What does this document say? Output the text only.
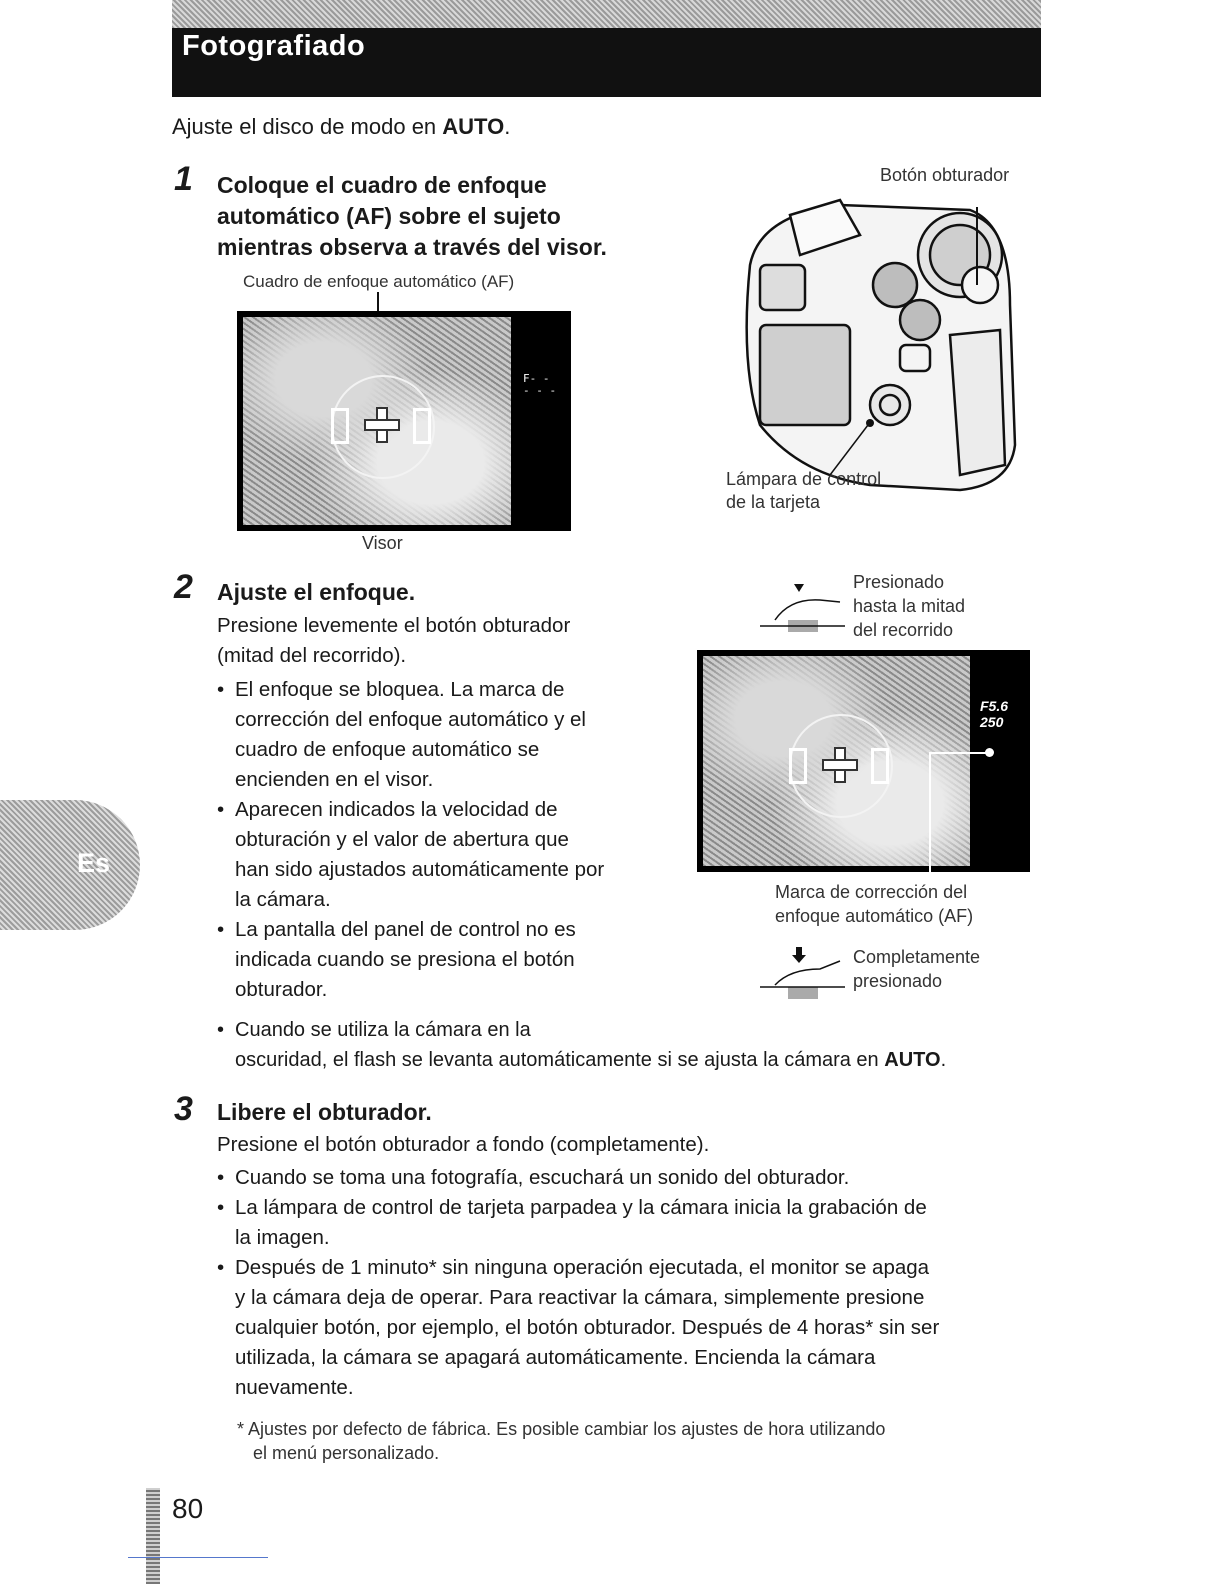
Fotografiado
Ajuste el disco de modo en AUTO.
1 Coloque el cuadro de enfoque
automático (AF) sobre el sujeto
mientras observa a través del visor.
Cuadro de enfoque automático (AF)
F- -
- - -
Visor
Botón obturador
Lámpara de control
de la tarjeta
2 Ajuste el enfoque.
Presione levemente el botón obturador
(mitad del recorrido).
• El enfoque se bloquea. La marca de
corrección del enfoque automático y el
cuadro de enfoque automático se
encienden en el visor.
• Aparecen indicados la velocidad de
obturación y el valor de abertura que
han sido ajustados automáticamente por
la cámara.
• La pantalla del panel de control no es
indicada cuando se presiona el botón
obturador.
• Cuando se utiliza la cámara en la
oscuridad, el flash se levanta automáticamente si se ajusta la cámara en AUTO.
Presionado
hasta la mitad
del recorrido
F5.6
250
Marca de corrección del
enfoque automático (AF)
Completamente
presionado
3 Libere el obturador.
Presione el botón obturador a fondo (completamente).
• Cuando se toma una fotografía, escuchará un sonido del obturador.
• La lámpara de control de tarjeta parpadea y la cámara inicia la grabación de
la imagen.
• Después de 1 minuto* sin ninguna operación ejecutada, el monitor se apaga
y la cámara deja de operar. Para reactivar la cámara, simplemente presione
cualquier botón, por ejemplo, el botón obturador. Después de 4 horas* sin ser
utilizada, la cámara se apagará automáticamente. Encienda la cámara
nuevamente.
* Ajustes por defecto de fábrica. Es posible cambiar los ajustes de hora utilizando
el menú personalizado.
Es
80
